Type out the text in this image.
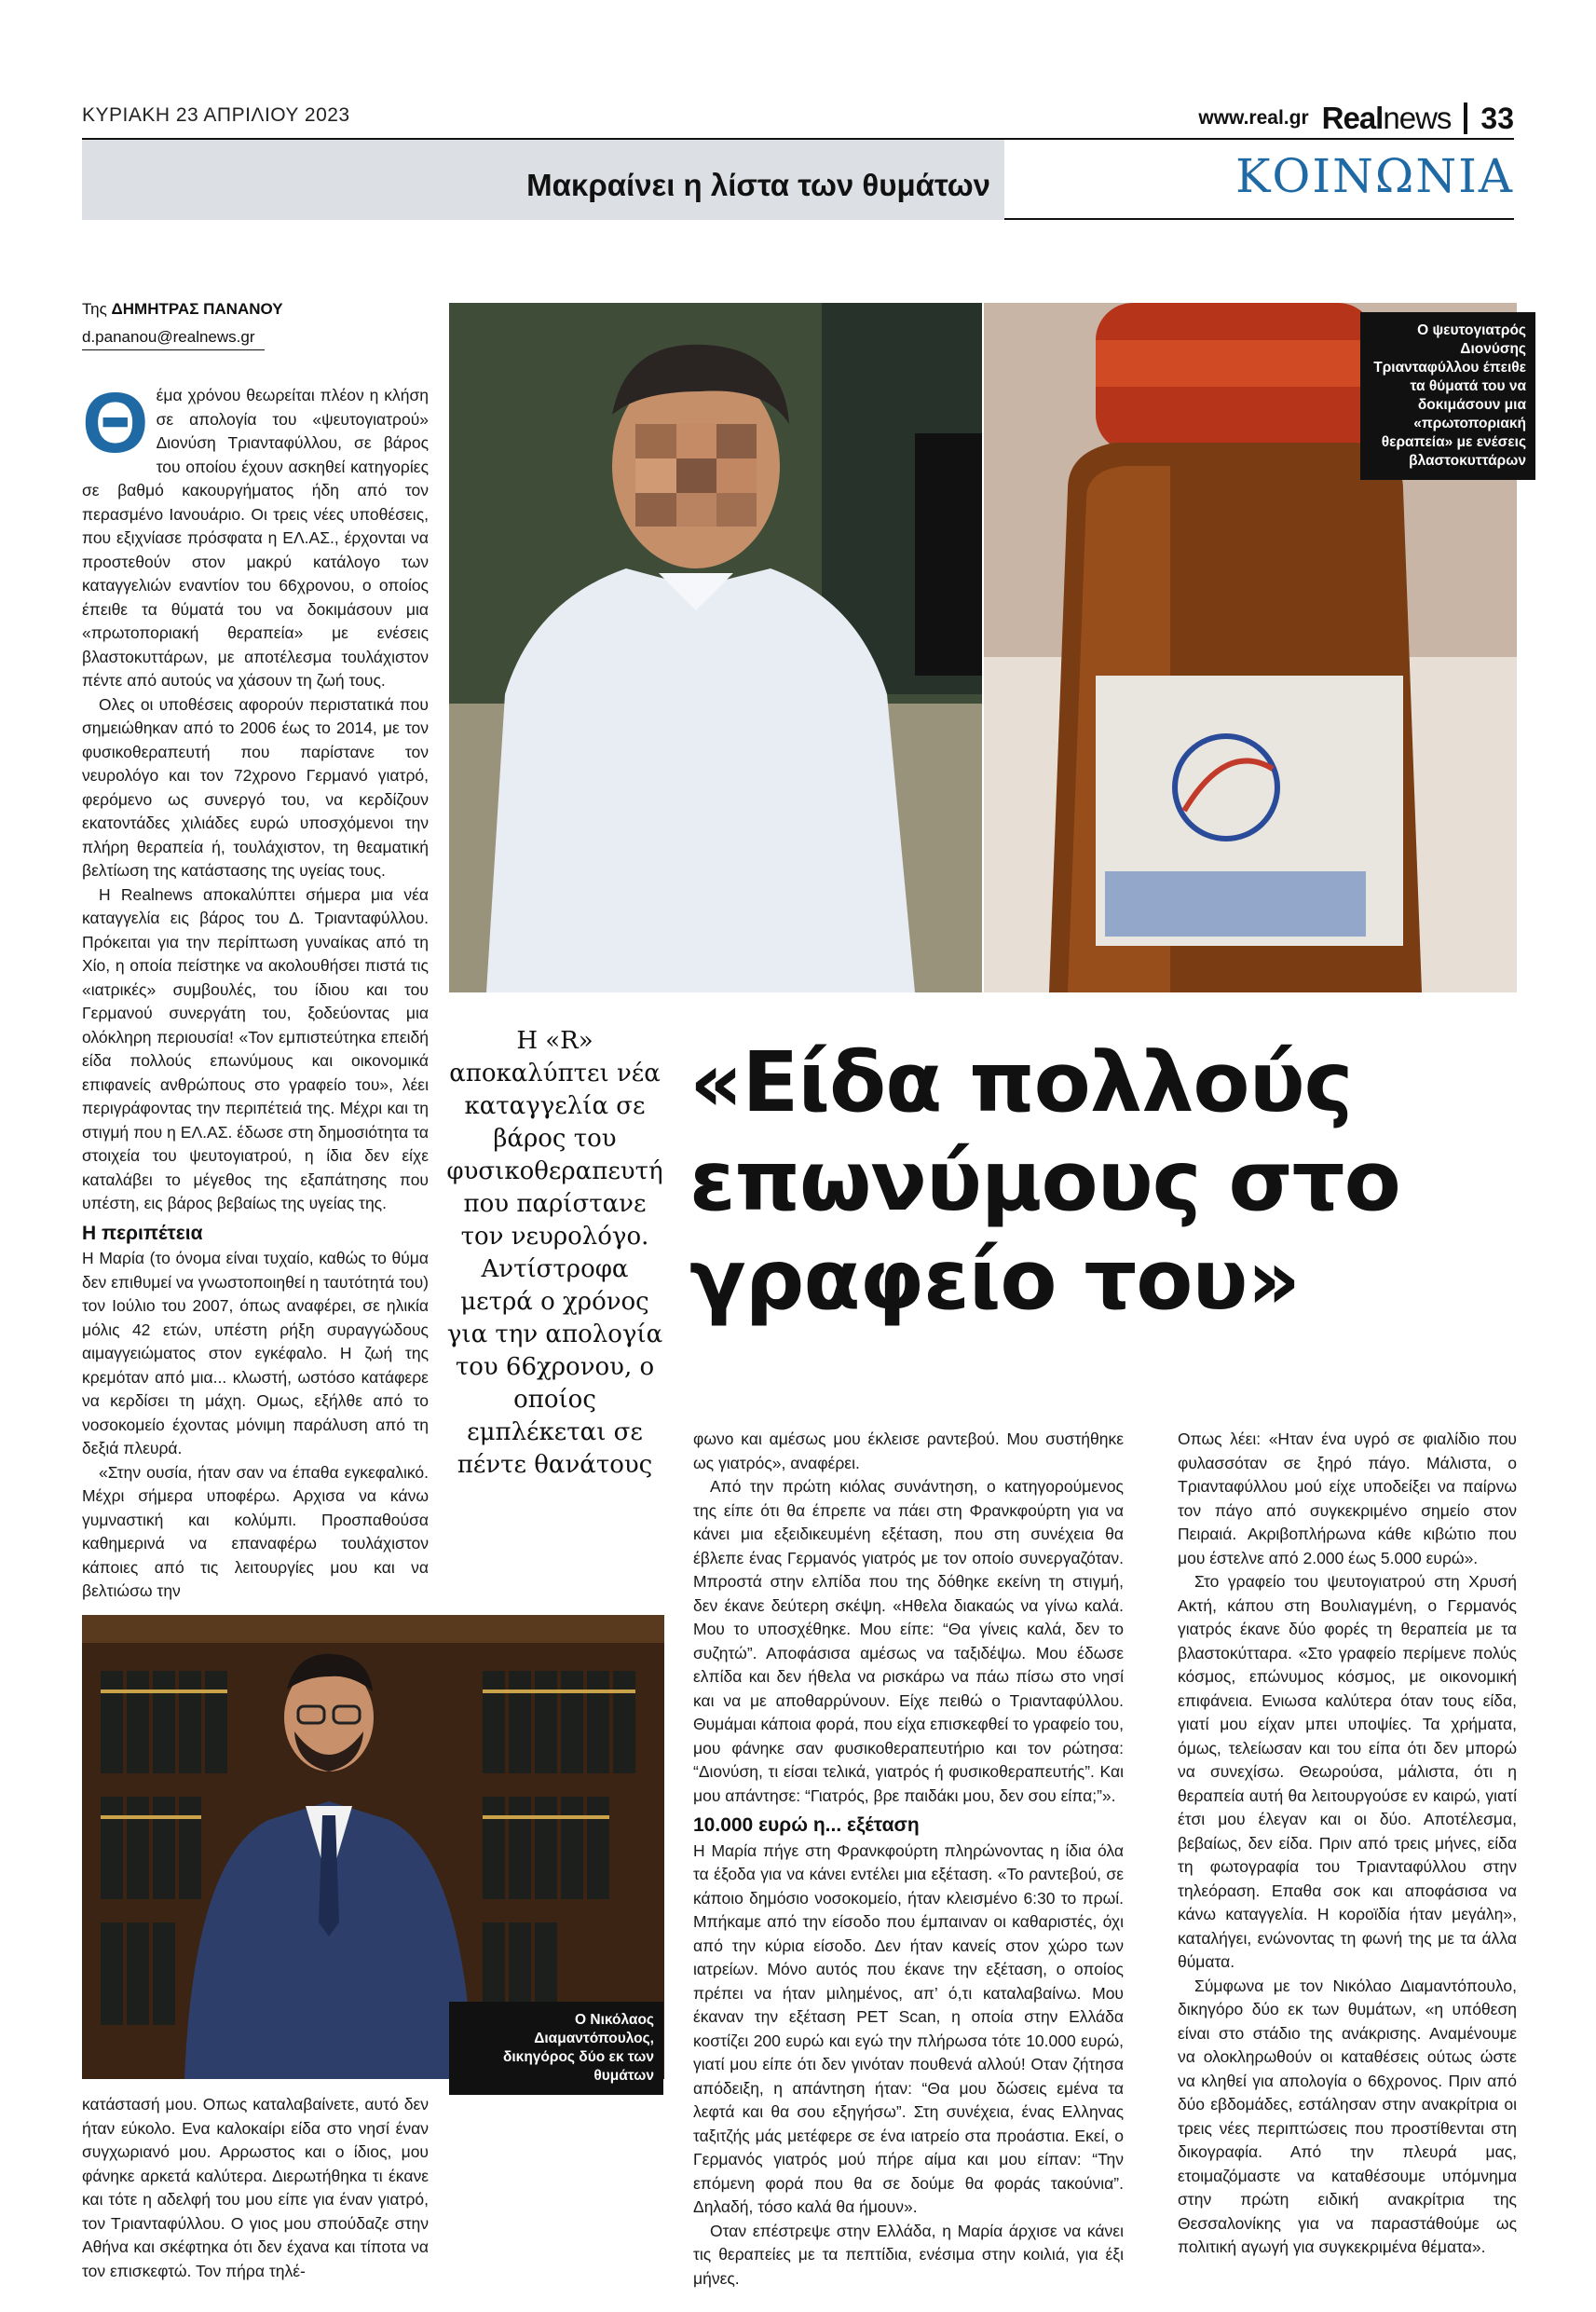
ΚΥΡΙΑΚΗ 23 ΑΠΡΙΛΙΟΥ 2023	www.real.gr Realnews 33
Μακραίνει η λίστα των θυμάτων	ΚΟΙΝΩΝΙΑ
Της ΔΗΜΗΤΡΑΣ ΠΑΝΑΝΟΥ
d.pananou@realnews.gr
Θ έμα χρόνου θεωρείται πλέον η κλήση σε απολογία του «ψευτογιατρού» Διονύση Τριανταφύλλου, σε βάρος του οποίου έχουν ασκηθεί κατηγορίες σε βαθμό κακουργήματος ήδη από τον περασμένο Ιανουάριο. Οι τρεις νέες υποθέσεις, που εξιχνίασε πρόσφατα η ΕΛ.ΑΣ., έρχονται να προστεθούν στον μακρύ κατάλογο των καταγγελιών εναντίον του 66χρονου, ο οποίος έπειθε τα θύματά του να δοκιμάσουν μια «πρωτοποριακή θεραπεία» με ενέσεις βλαστοκυττάρων, με αποτέλεσμα τουλάχιστον πέντε από αυτούς να χάσουν τη ζωή τους.

Ολες οι υποθέσεις αφορούν περιστατικά που σημειώθηκαν από το 2006 έως το 2014, με τον φυσικοθεραπευτή που παρίστανε τον νευρολόγο και τον 72χρονο Γερμανό γιατρό, φερόμενο ως συνεργό του, να κερδίζουν εκατοντάδες χιλιάδες ευρώ υποσχόμενοι την πλήρη θεραπεία ή, τουλάχιστον, τη θεαματική βελτίωση της κατάστασης της υγείας τους.

Η Realnews αποκαλύπτει σήμερα μια νέα καταγγελία εις βάρος του Δ. Τριανταφύλλου. Πρόκειται για την περίπτωση γυναίκας από τη Χίο, η οποία πείστηκε να ακολουθήσει πιστά τις «ιατρικές» συμβουλές, του ίδιου και του Γερμανού συνεργάτη του, ξοδεύοντας μια ολόκληρη περιουσία! «Τον εμπιστεύτηκα επειδή είδα πολλούς επωνύμους και οικονομικά επιφανείς ανθρώπους στο γραφείο του», λέει περιγράφοντας την περιπέτειά της. Μέχρι και τη στιγμή που η ΕΛ.ΑΣ. έδωσε στη δημοσιότητα τα στοιχεία του ψευτογιατρού, η ίδια δεν είχε καταλάβει το μέγεθος της εξαπάτησης που υπέστη, εις βάρος βεβαίως της υγείας της.

Η περιπέτεια

Η Μαρία (το όνομα είναι τυχαίο, καθώς το θύμα δεν επιθυμεί να γνωστοποιηθεί η ταυτότητά του) τον Ιούλιο του 2007, όπως αναφέρει, σε ηλικία μόλις 42 ετών, υπέστη ρήξη συραγγώδους αιμαγγειώματος στον εγκέφαλο. Η ζωή της κρεμόταν από μια... κλωστή, ωστόσο κατάφερε να κερδίσει τη μάχη. Ομως, εξήλθε από το νοσοκομείο έχοντας μόνιμη παράλυση από τη δεξιά πλευρά.

«Στην ουσία, ήταν σαν να έπαθα εγκεφαλικό. Μέχρι σήμερα υποφέρω. Αρχισα να κάνω γυμναστική και κολύμπι. Προσπαθούσα καθημερινά να επαναφέρω τουλάχιστον κάποιες από τις λειτουργίες μου και να βελτιώσω την

Ο ψευτογιατρός Διονύσης Τριανταφύλλου έπειθε τα θύματά του να δοκιμάσουν μια «πρωτοποριακή θεραπεία» με ενέσεις βλαστοκυττάρων
Η «R» αποκαλύπτει νέα καταγγελία σε βάρος του φυσικοθεραπευτή που παρίστανε τον νευρολόγο. Αντίστροφα μετρά ο χρόνος για την απολογία του 66χρονου, ο οποίος εμπλέκεται σε πέντε θανάτους
«Είδα πολλούς επωνύμους στο γραφείο του»
Ο Νικόλαος Διαμαντόπουλος, δικηγόρος δύο εκ των θυμάτων

κατάστασή μου. Οπως καταλαβαίνετε, αυτό δεν ήταν εύκολο. Ενα καλοκαίρι είδα στο νησί έναν συγχωριανό μου. Αρρωστος και ο ίδιος, μου φάνηκε αρκετά καλύτερα. Διερωτήθηκα τι έκανε και τότε η αδελφή του μου είπε για έναν γιατρό, τον Τριανταφύλλου. Ο γιος μου σπούδαζε στην Αθήνα και σκέφτηκα ότι δεν έχανα και τίποτα να τον επισκεφτώ. Τον πήρα τηλέ-

φωνο και αμέσως μου έκλεισε ραντεβού. Μου συστήθηκε ως γιατρός», αναφέρει.

Από την πρώτη κιόλας συνάντηση, ο κατηγορούμενος της είπε ότι θα έπρεπε να πάει στη Φρανκφούρτη για να κάνει μια εξειδικευμένη εξέταση, που στη συνέχεια θα έβλεπε ένας Γερμανός γιατρός με τον οποίο συνεργαζόταν. Μπροστά στην ελπίδα που της δόθηκε εκείνη τη στιγμή, δεν έκανε δεύτερη σκέψη. «Ηθελα διακαώς να γίνω καλά. Μου το υποσχέθηκε. Μου είπε: “Θα γίνεις καλά, δεν το συζητώ”. Αποφάσισα αμέσως να ταξιδέψω. Μου έδωσε ελπίδα και δεν ήθελα να ρισκάρω να πάω πίσω στο νησί και να με αποθαρρύνουν. Είχε πειθώ ο Τριανταφύλλου. Θυμάμαι κάποια φορά, που είχα επισκεφθεί το γραφείο του, μου φάνηκε σαν φυσικοθεραπευτήριο και τον ρώτησα: “Διονύση, τι είσαι τελικά, γιατρός ή φυσικοθεραπευτής”. Και μου απάντησε: “Γιατρός, βρε παιδάκι μου, δεν σου είπα;”».

10.000 ευρώ η... εξέταση

Η Μαρία πήγε στη Φρανκφούρτη πληρώνοντας η ίδια όλα τα έξοδα για να κάνει εντέλει μια εξέταση. «Το ραντεβού, σε κάποιο δημόσιο νοσοκομείο, ήταν κλεισμένο 6:30 το πρωί. Μπήκαμε από την είσοδο που έμπαιναν οι καθαριστές, όχι από την κύρια είσοδο. Δεν ήταν κανείς στον χώρο των ιατρείων. Μόνο αυτός που έκανε την εξέταση, ο οποίος πρέπει να ήταν μιλημένος, απ’ ό,τι καταλαβαίνω. Μου έκαναν την εξέταση PET Scan, η οποία στην Ελλάδα κοστίζει 200 ευρώ και εγώ την πλήρωσα τότε 10.000 ευρώ, γιατί μου είπε ότι δεν γινόταν πουθενά αλλού! Οταν ζήτησα απόδειξη, η απάντηση ήταν: “Θα μου δώσεις εμένα τα λεφτά και θα σου εξηγήσω”. Στη συνέχεια, ένας Ελληνας ταξιτζής μάς μετέφερε σε ένα ιατρείο στα προάστια. Εκεί, ο Γερμανός γιατρός μού πήρε αίμα και μου είπαν: “Την επόμενη φορά που θα σε δούμε θα φοράς τακούνια”. Δηλαδή, τόσο καλά θα ήμουν».

Οταν επέστρεψε στην Ελλάδα, η Μαρία άρχισε να κάνει τις θεραπείες με τα πεπτίδια, ενέσιμα στην κοιλιά, για έξι μήνες.

Οπως λέει: «Ηταν ένα υγρό σε φιαλίδιο που φυλασσόταν σε ξηρό πάγο. Μάλιστα, ο Τριανταφύλλου μού είχε υποδείξει να παίρνω τον πάγο από συγκεκριμένο σημείο στον Πειραιά. Ακριβοπλήρωνα κάθε κιβώτιο που μου έστελνε από 2.000 έως 5.000 ευρώ».

Στο γραφείο του ψευτογιατρού στη Χρυσή Ακτή, κάπου στη Βουλιαγμένη, ο Γερμανός γιατρός έκανε δύο φορές τη θεραπεία με τα βλαστοκύτταρα. «Στο γραφείο περίμενε πολύς κόσμος, επώνυμος κόσμος, με οικονομική επιφάνεια. Ενιωσα καλύτερα όταν τους είδα, γιατί μου είχαν μπει υποψίες. Τα χρήματα, όμως, τελείωσαν και του είπα ότι δεν μπορώ να συνεχίσω. Θεωρούσα, μάλιστα, ότι η θεραπεία αυτή θα λειτουργούσε εν καιρώ, γιατί έτσι μου έλεγαν και οι δύο. Αποτέλεσμα, βεβαίως, δεν είδα. Πριν από τρεις μήνες, είδα τη φωτογραφία του Τριανταφύλλου στην τηλεόραση. Επαθα σοκ και αποφάσισα να κάνω καταγγελία. Η κοροϊδία ήταν μεγάλη», καταλήγει, ενώνοντας τη φωνή της με τα άλλα θύματα.

Σύμφωνα με τον Νικόλαο Διαμαντόπουλο, δικηγόρο δύο εκ των θυμάτων, «η υπόθεση είναι στο στάδιο της ανάκρισης. Αναμένουμε να ολοκληρωθούν οι καταθέσεις ούτως ώστε να κληθεί για απολογία ο 66χρονος. Πριν από δύο εβδομάδες, εστάλησαν στην ανακρίτρια οι τρεις νέες περιπτώσεις που προστίθενται στη δικογραφία. Από την πλευρά μας, ετοιμαζόμαστε να καταθέσουμε υπόμνημα στην πρώτη ειδική ανακρίτρια της Θεσσαλονίκης για να παραστάθούμε ως πολιτική αγωγή για συγκεκριμένα θέματα».
